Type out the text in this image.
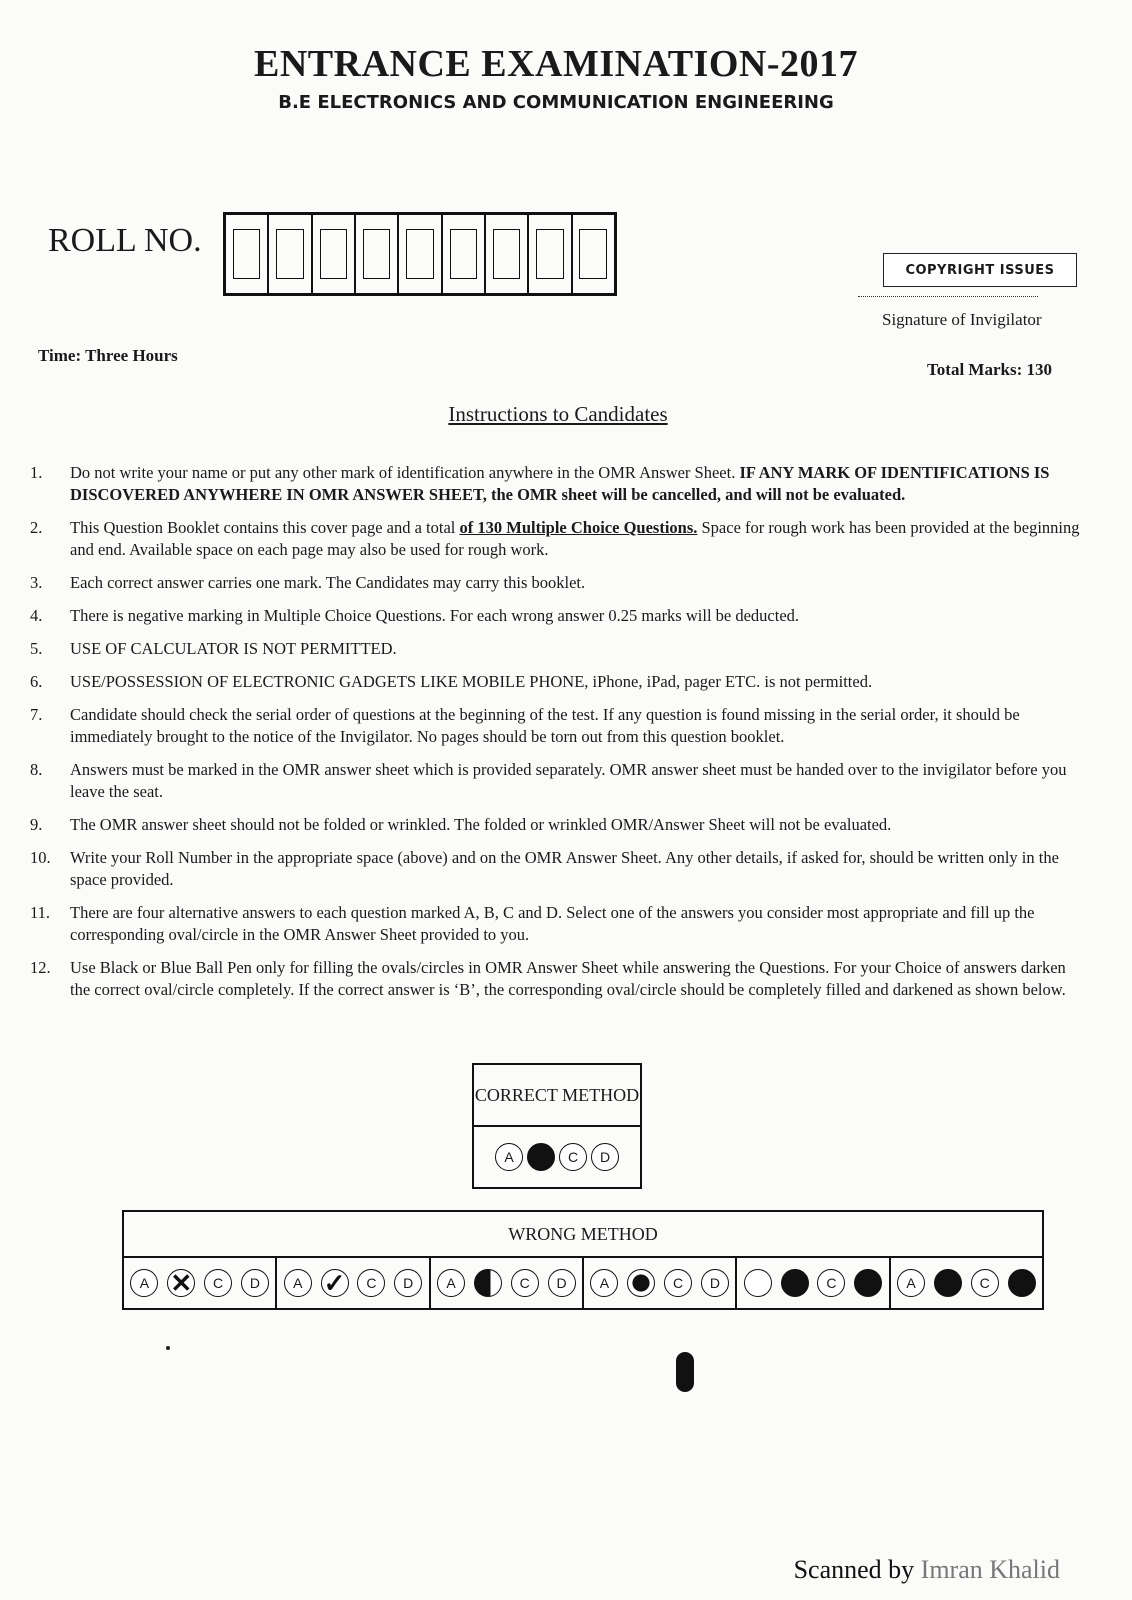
ENTRANCE EXAMINATION-2017
B.E ELECTRONICS AND COMMUNICATION ENGINEERING
ROLL NO.
COPYRIGHT ISSUES
Signature of Invigilator
Time: Three Hours
Total Marks: 130
Instructions to Candidates
1. Do not write your name or put any other mark of identification anywhere in the OMR Answer Sheet. IF ANY MARK OF IDENTIFICATIONS IS DISCOVERED ANYWHERE IN OMR ANSWER SHEET, the OMR sheet will be cancelled, and will not be evaluated.
2. This Question Booklet contains this cover page and a total of 130 Multiple Choice Questions. Space for rough work has been provided at the beginning and end. Available space on each page may also be used for rough work.
3. Each correct answer carries one mark. The Candidates may carry this booklet.
4. There is negative marking in Multiple Choice Questions. For each wrong answer 0.25 marks will be deducted.
5. USE OF CALCULATOR IS NOT PERMITTED.
6. USE/POSSESSION OF ELECTRONIC GADGETS LIKE MOBILE PHONE, iPhone, iPad, pager ETC. is not permitted.
7. Candidate should check the serial order of questions at the beginning of the test. If any question is found missing in the serial order, it should be immediately brought to the notice of the Invigilator. No pages should be torn out from this question booklet.
8. Answers must be marked in the OMR answer sheet which is provided separately. OMR answer sheet must be handed over to the invigilator before you leave the seat.
9. The OMR answer sheet should not be folded or wrinkled. The folded or wrinkled OMR/Answer Sheet will not be evaluated.
10. Write your Roll Number in the appropriate space (above) and on the OMR Answer Sheet. Any other details, if asked for, should be written only in the space provided.
11. There are four alternative answers to each question marked A, B, C and D. Select one of the answers you consider most appropriate and fill up the corresponding oval/circle in the OMR Answer Sheet provided to you.
12. Use Black or Blue Ball Pen only for filling the ovals/circles in OMR Answer Sheet while answering the Questions. For your Choice of answers darken the correct oval/circle completely. If the correct answer is ‘B’, the corresponding oval/circle should be completely filled and darkened as shown below.
CORRECT METHOD
A	C	D
WRONG METHOD
A ✕	C	D	A ✓	C	D	A	C	D	A	C	D	C	A	C
Scanned by Imran Khalid
